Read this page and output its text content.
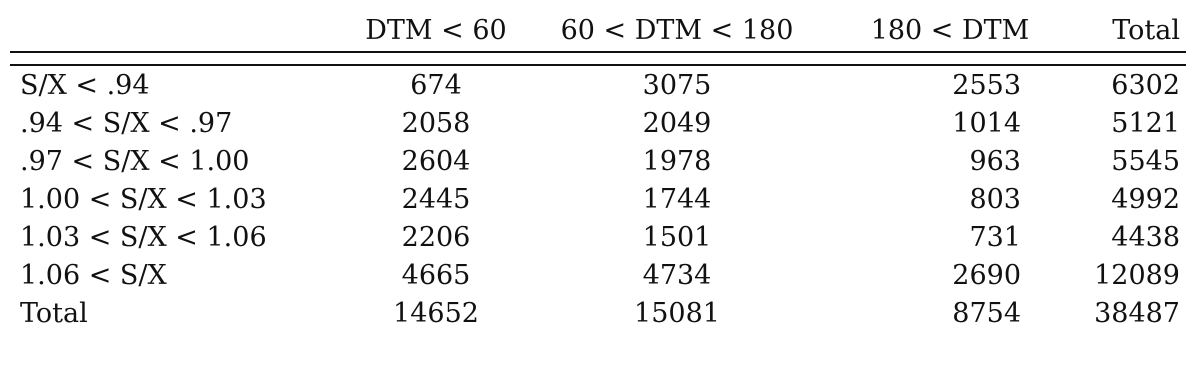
	DTM < 60	60 < DTM < 180	180 < DTM	Total

S/X < .94	674	3075	2553	6302
.94 < S/X < .97	2058	2049	1014	5121
.97 < S/X < 1.00	2604	1978	963	5545
1.00 < S/X < 1.03	2445	1744	803	4992
1.03 < S/X < 1.06	2206	1501	731	4438
1.06 < S/X	4665	4734	2690	12089
Total	14652	15081	8754	38487
